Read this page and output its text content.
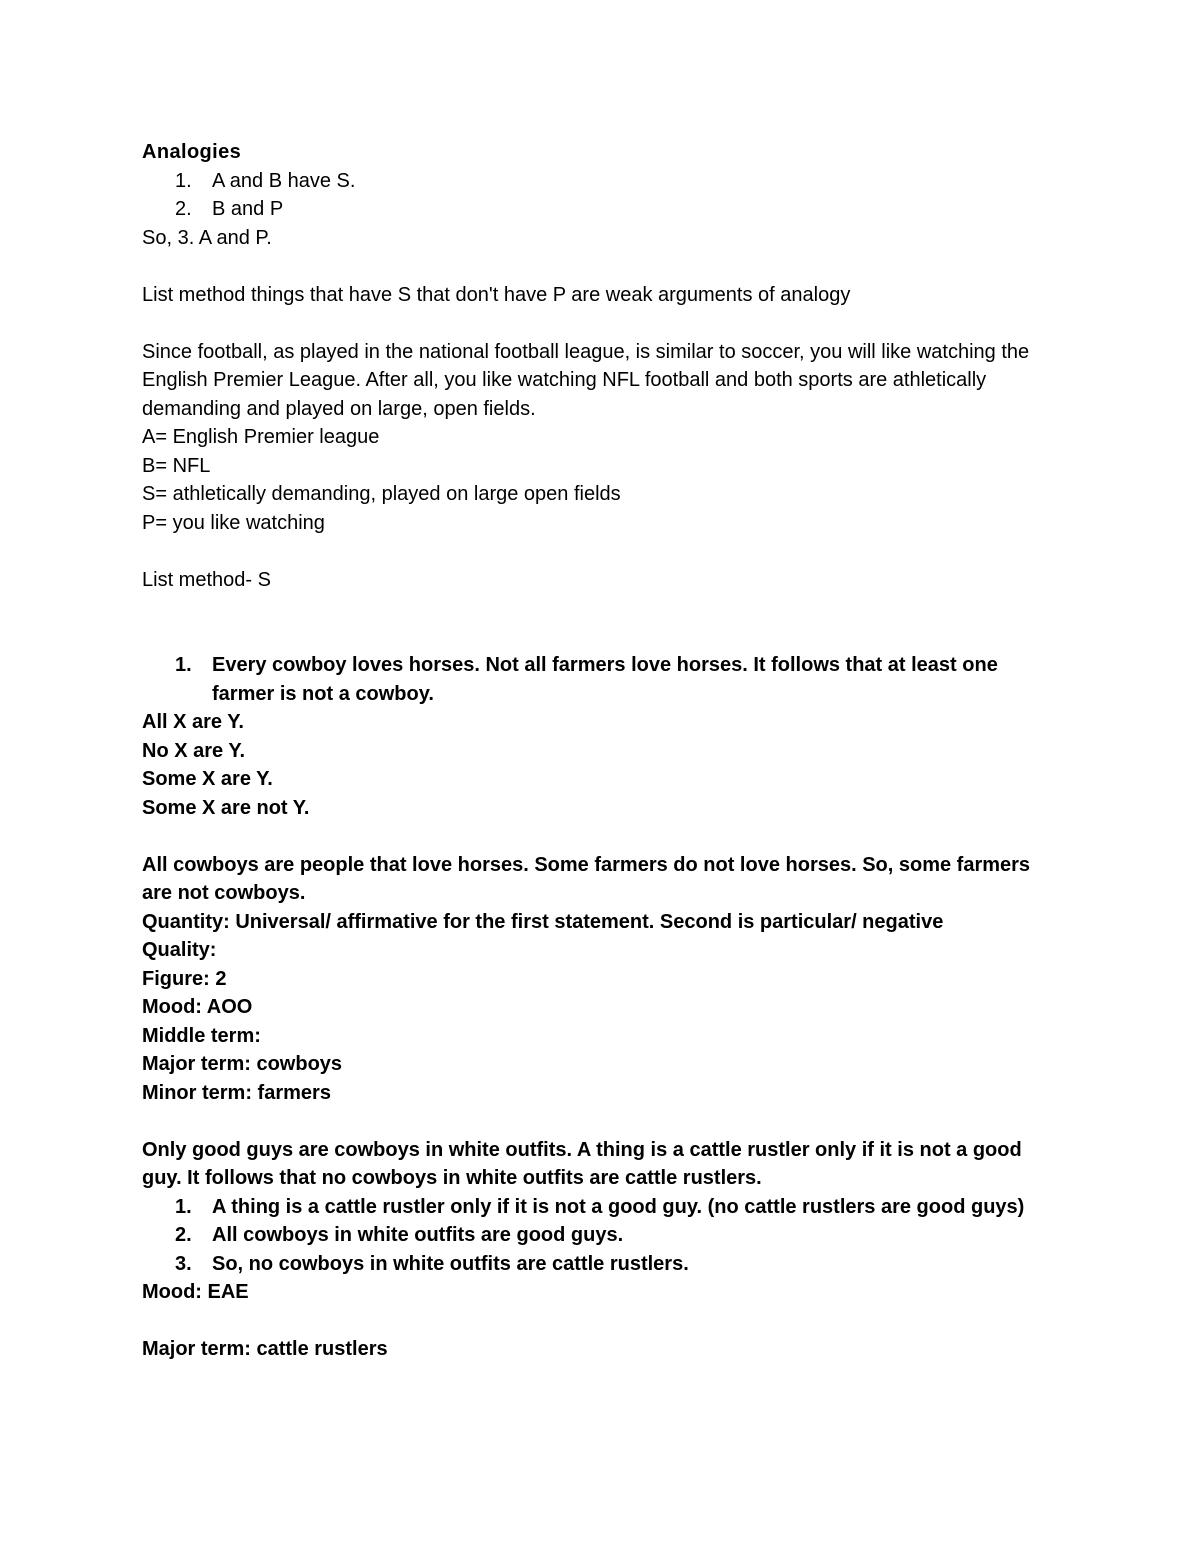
Analogies
1. A and B have S.
2. B and P
So, 3. A and P.
List method things that have S that don't have P are weak arguments of analogy
Since football, as played in the national football league, is similar to soccer, you will like watching the English Premier League. After all, you like watching NFL football and both sports are athletically demanding and played on large, open fields.
A= English Premier league
B= NFL
S= athletically demanding, played on large open fields
P= you like watching
List method- S
1. Every cowboy loves horses. Not all farmers love horses. It follows that at least one farmer is not a cowboy.
All X are Y.
No X are Y.
Some X are Y.
Some X are not Y.
All cowboys are people that love horses. Some farmers do not love horses. So, some farmers are not cowboys.
Quantity: Universal/ affirmative for the first statement. Second is particular/ negative
Quality:
Figure: 2
Mood: AOO
Middle term:
Major term: cowboys
Minor term: farmers
Only good guys are cowboys in white outfits. A thing is a cattle rustler only if it is not a good guy. It follows that no cowboys in white outfits are cattle rustlers.
1. A thing is a cattle rustler only if it is not a good guy. (no cattle rustlers are good guys)
2. All cowboys in white outfits are good guys.
3. So, no cowboys in white outfits are cattle rustlers.
Mood: EAE
Major term: cattle rustlers
